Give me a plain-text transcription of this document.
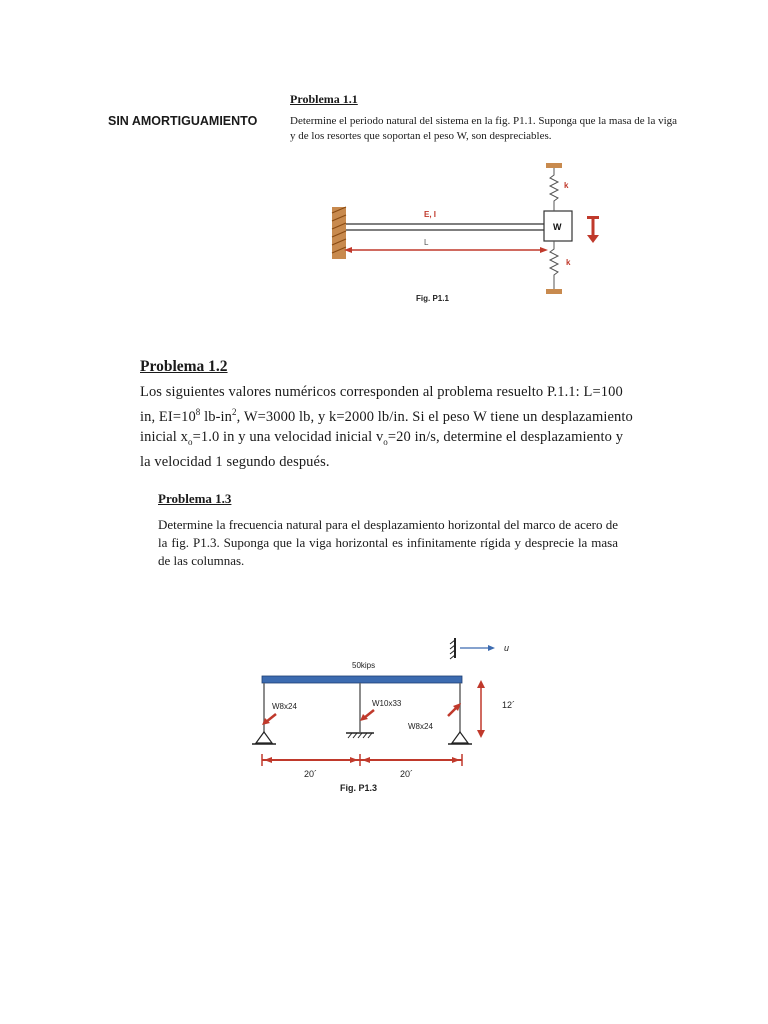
SIN AMORTIGUAMIENTO
Problema 1.1
Determine el periodo natural del sistema en la fig. P1.1. Suponga que la masa de la viga y de los resortes que soportan el peso W, son despreciables.
E, I
L
W
k
k
Fig. P1.1
Problema 1.2
Los siguientes valores numéricos corresponden al problema resuelto P.1.1: L=100
in, $EI=10^8$ $lb-in^2$, W=3000 lb, y k=2000 lb/in. Si el peso W tiene un desplazamiento
inicial $x_o=1.0$ in y una velocidad inicial $v_o=20$ in/s, determine el desplazamiento y
la velocidad 1 segundo después.
Problema 1.3
Determine la frecuencia natural para el desplazamiento horizontal del marco de acero de la fig. P1.3. Suponga que la viga horizontal es infinitamente rígida y desprecie la masa de las columnas.
u
50kips
W8x24	W10x33
W8x24
12´
20´	20´
Fig. P1.3
